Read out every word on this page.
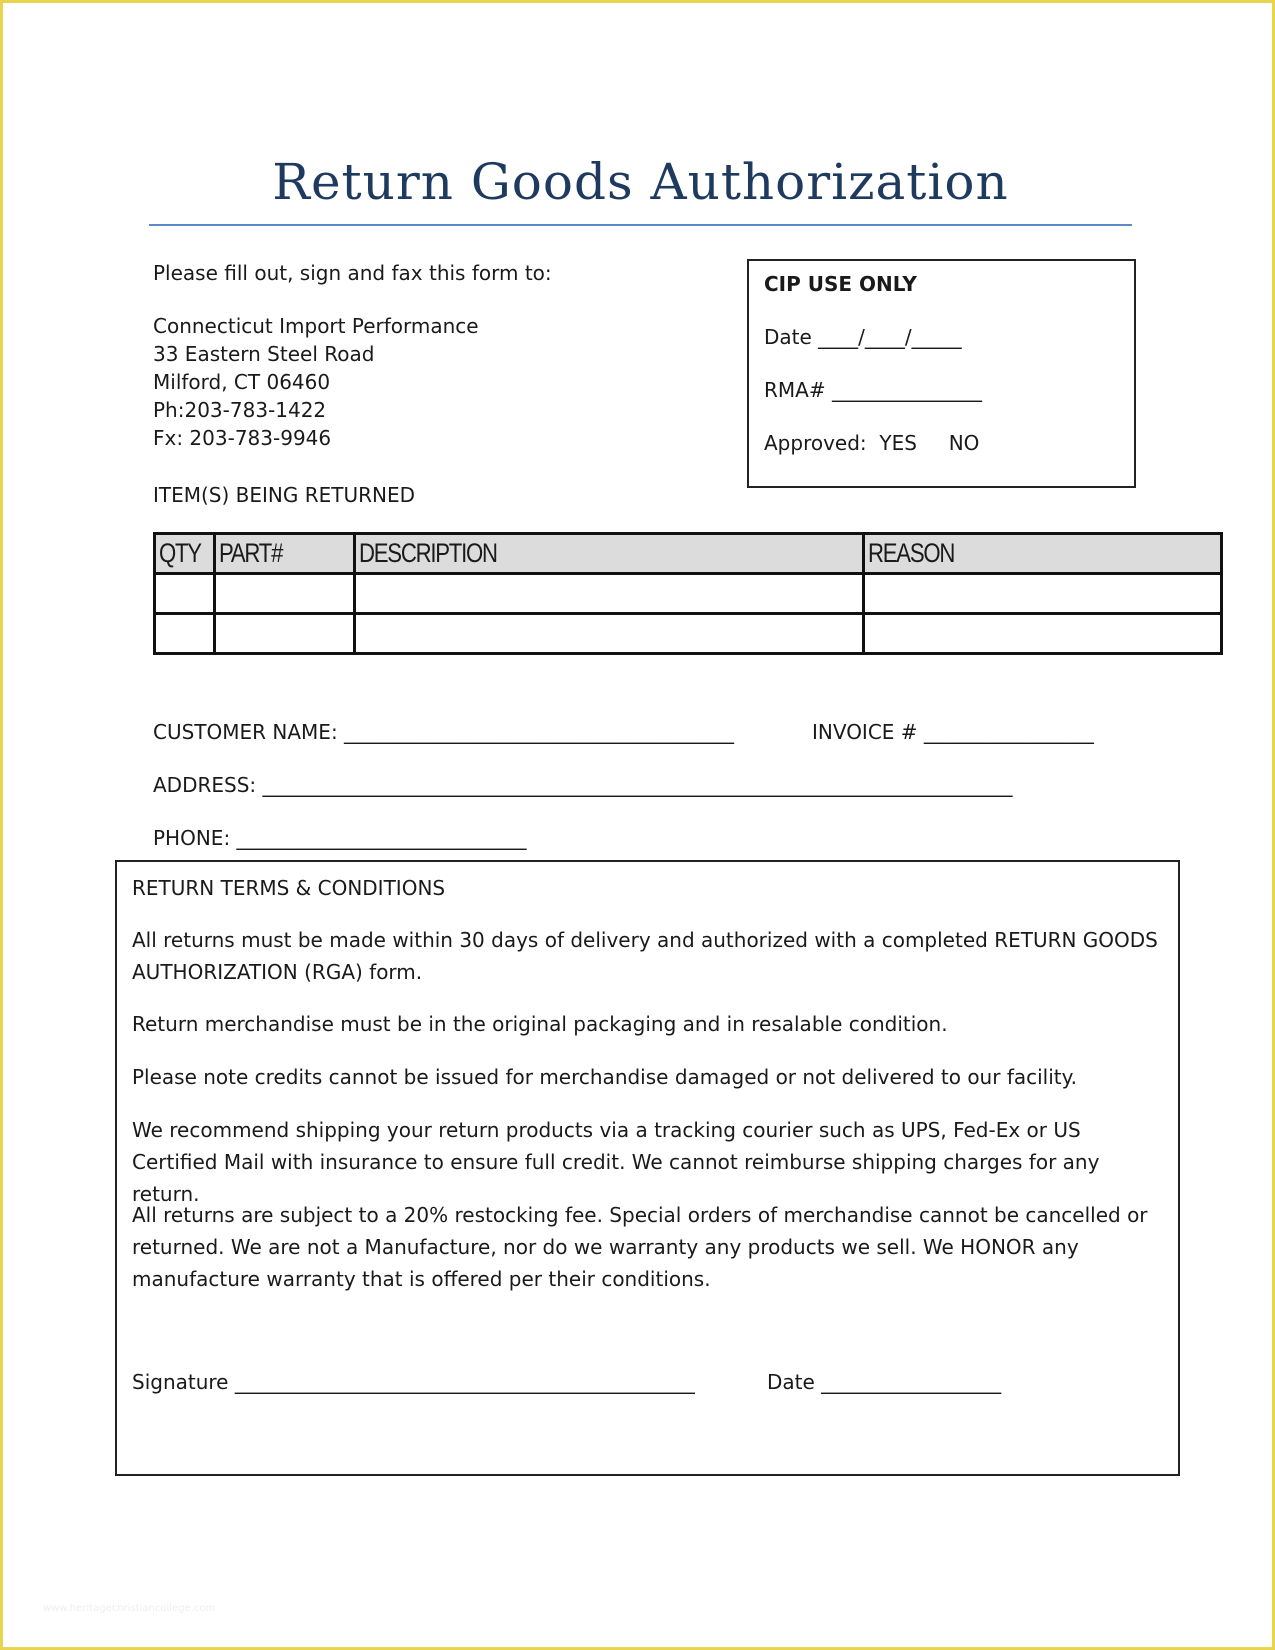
Return Goods Authorization
Please fill out, sign and fax this form to:
Connecticut Import Performance
33 Eastern Steel Road
Milford, CT 06460
Ph:203-783-1422
Fx: 203-783-9946
ITEM(S) BEING RETURNED
CIP USE ONLY
Date ____/____/_____
RMA# _______________
Approved:  YES     NO
QTY	PART#	DESCRIPTION	REASON

CUSTOMER NAME: _______________________________________	INVOICE # _________________
ADDRESS: ___________________________________________________________________________
PHONE: _____________________________
RETURN TERMS & CONDITIONS
All returns must be made within 30 days of delivery and authorized with a completed RETURN GOODS AUTHORIZATION (RGA) form.
Return merchandise must be in the original packaging and in resalable condition.
Please note credits cannot be issued for merchandise damaged or not delivered to our facility.
We recommend shipping your return products via a tracking courier such as UPS, Fed-Ex or US Certified Mail with insurance to ensure full credit. We cannot reimburse shipping charges for any return.
All returns are subject to a 20% restocking fee. Special orders of merchandise cannot be cancelled or returned. We are not a Manufacture, nor do we warranty any products we sell. We HONOR any manufacture warranty that is offered per their conditions.
Signature ______________________________________________	Date __________________
www.heritagechristiancollege.com
